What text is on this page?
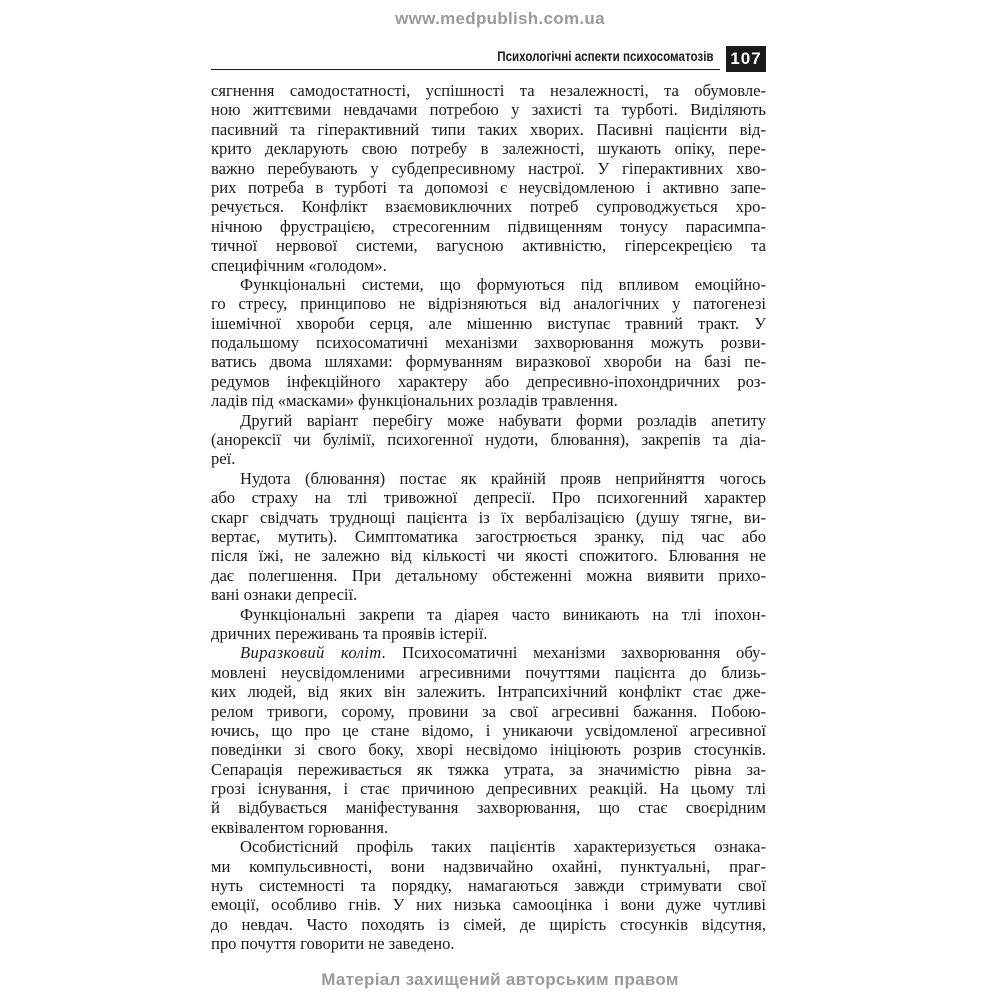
www.medpublish.com.ua
Психологічні аспекти психосоматозів 107
сягнення самодостатності, успішності та незалежності, та обумовле-
ною життєвими невдачами потребою у захисті та турботі. Виділяють
пасивний та гіперактивний типи таких хворих. Пасивні пацієнти від-
крито декларують свою потребу в залежності, шукають опіку, пере-
важно перебувають у субдепресивному настрої. У гіперактивних хво-
рих потреба в турботі та допомозі є неусвідомленою і активно запе-
речується. Конфлікт взаємовиключних потреб супроводжується хро-
нічною фрустрацією, стресогенним підвищенням тонусу парасимпа-
тичної нервової системи, вагусною активністю, гіперсекрецією та
специфічним «голодом».
Функціональні системи, що формуються під впливом емоційно-
го стресу, принципово не відрізняються від аналогічних у патогенезі
ішемічної хвороби серця, але мішенню виступає травний тракт. У
подальшому психосоматичні механізми захворювання можуть розви-
ватись двома шляхами: формуванням виразкової хвороби на базі пе-
редумов інфекційного характеру або депресивно-іпохондричних роз-
ладів під «масками» функціональних розладів травлення.
Другий варіант перебігу може набувати форми розладів апетиту
(анорексії чи булімії, психогенної нудоти, блювання), закрепів та діа-
реї.
Нудота (блювання) постає як крайній прояв неприйняття чогось
або страху на тлі тривожної депресії. Про психогенний характер
скарг свідчать труднощі пацієнта із їх вербалізацією (душу тягне, ви-
вертає, мутить). Симптоматика загострюється зранку, під час або
після їжі, не залежно від кількості чи якості спожитого. Блювання не
дає полегшення. При детальному обстеженні можна виявити прихо-
вані ознаки депресії.
Функціональні закрепи та діарея часто виникають на тлі іпохон-
дричних переживань та проявів істерії.
Виразковий коліт. Психосоматичні механізми захворювання обу-
мовлені неусвідомленими агресивними почуттями пацієнта до близь-
ких людей, від яких він залежить. Інтрапсихічний конфлікт стає дже-
релом тривоги, сорому, провини за свої агресивні бажання. Побою-
ючись, що про це стане відомо, і уникаючи усвідомленої агресивної
поведінки зі свого боку, хворі несвідомо ініціюють розрив стосунків.
Сепарація переживається як тяжка утрата, за значимістю рівна за-
грозі існування, і стає причиною депресивних реакцій. На цьому тлі
й відбувається маніфестування захворювання, що стає своєрідним
еквівалентом горювання.
Особистісний профіль таких пацієнтів характеризується ознака-
ми компульсивності, вони надзвичайно охайні, пунктуальні, праг-
нуть системності та порядку, намагаються завжди стримувати свої
емоції, особливо гнів. У них низька самооцінка і вони дуже чутливі
до невдач. Часто походять із сімей, де щирість стосунків відсутня,
про почуття говорити не заведено.
Матеріал захищений авторським правом
